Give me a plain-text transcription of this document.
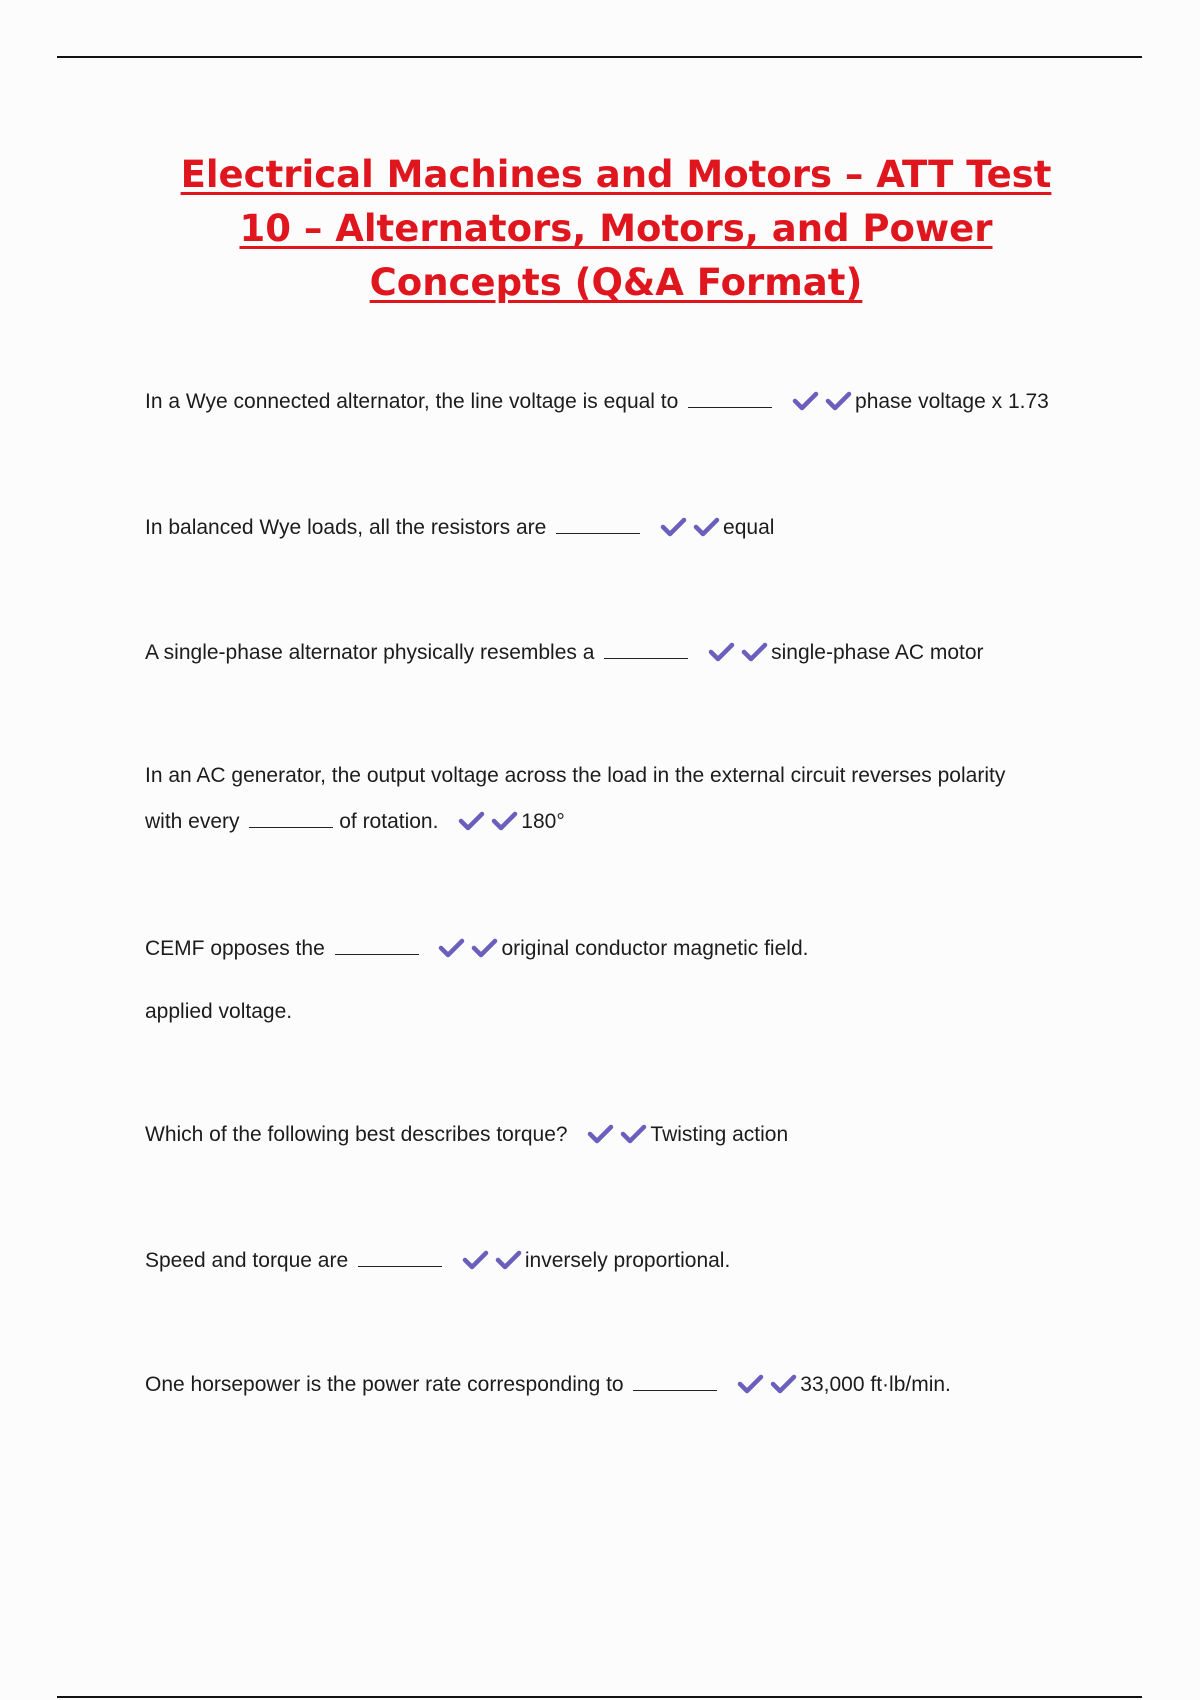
Electrical Machines and Motors – ATT Test 10 – Alternators, Motors, and Power Concepts (Q&A Format)
In a Wye connected alternator, the line voltage is equal to	phase voltage x 1.73
In balanced Wye loads, all the resistors are	equal
A single-phase alternator physically resembles a	single-phase AC motor
In an AC generator, the output voltage across the load in the external circuit reverses polarity
with every	of rotation.	180°
CEMF opposes the	original conductor magnetic field.
applied voltage.
Which of the following best describes torque?	Twisting action
Speed and torque are	inversely proportional.
One horsepower is the power rate corresponding to	33,000 ft·lb/min.
